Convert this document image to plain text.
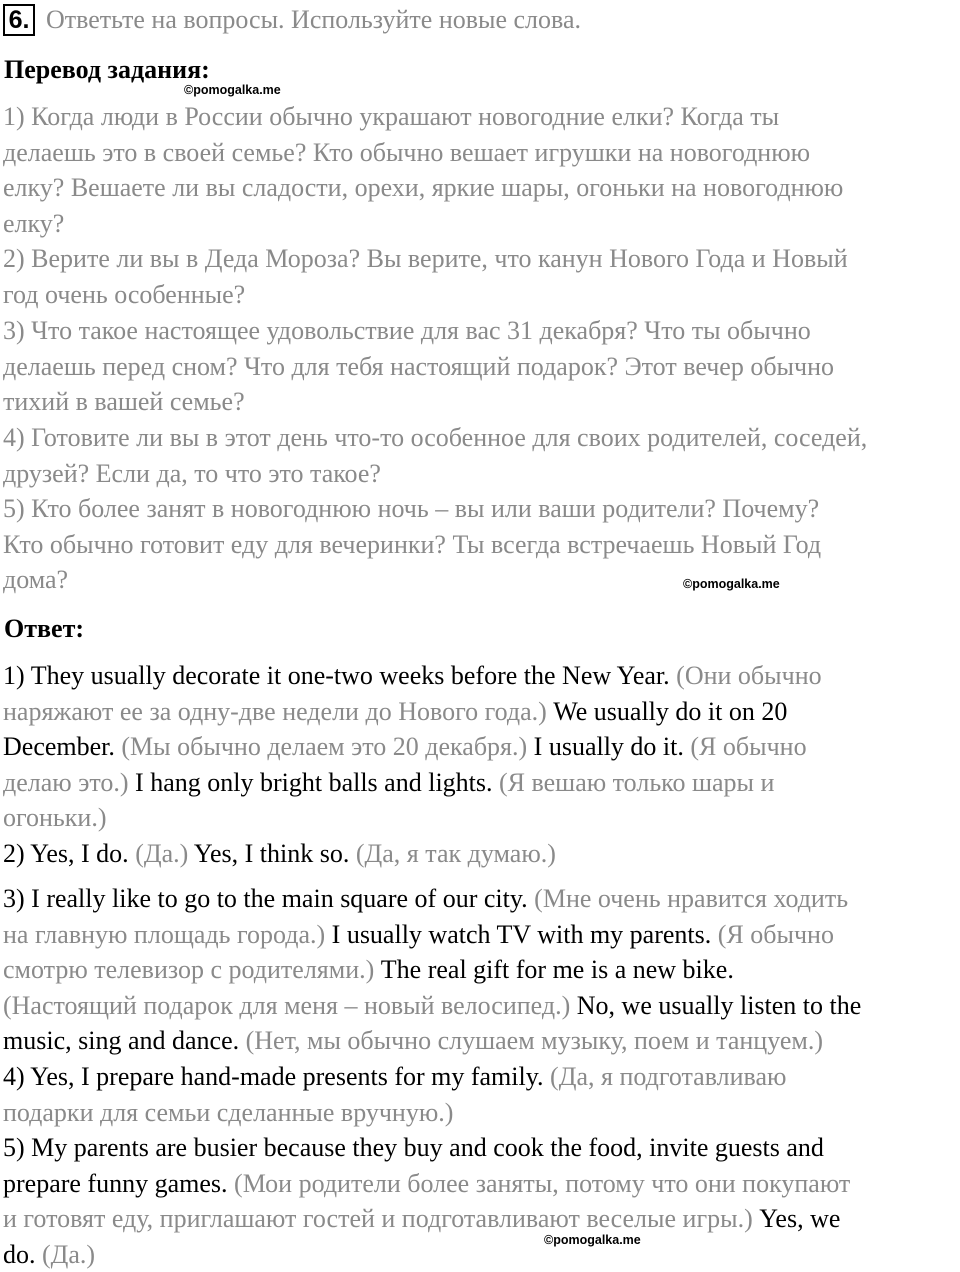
6. Ответьте на вопросы. Используйте новые слова.
Перевод задания:
©pomogalka.me
1) Когда люди в России обычно украшают новогодние елки? Когда ты
делаешь это в своей семье? Кто обычно вешает игрушки на новогоднюю
елку? Вешаете ли вы сладости, орехи, яркие шары, огоньки на новогоднюю
елку?
2) Верите ли вы в Деда Мороза? Вы верите, что канун Нового Года и Новый
год очень особенные?
3) Что такое настоящее удовольствие для вас 31 декабря? Что ты обычно
делаешь перед сном? Что для тебя настоящий подарок? Этот вечер обычно
тихий в вашей семье?
4) Готовите ли вы в этот день что-то особенное для своих родителей, соседей,
друзей? Если да, то что это такое?
5) Кто более занят в новогоднюю ночь – вы или ваши родители? Почему?
Кто обычно готовит еду для вечеринки? Ты всегда встречаешь Новый Год
дома?	©pomogalka.me
Ответ:
1) They usually decorate it one-two weeks before the New Year. (Они обычно
наряжают ее за одну-две недели до Нового года.) We usually do it on 20
December. (Мы обычно делаем это 20 декабря.) I usually do it. (Я обычно
делаю это.) I hang only bright balls and lights. (Я вешаю только шары и
огоньки.)
2) Yes, I do. (Да.) Yes, I think so. (Да, я так думаю.)
3) I really like to go to the main square of our city. (Мне очень нравится ходить
на главную площадь города.) I usually watch TV with my parents. (Я обычно
смотрю телевизор с родителями.) The real gift for me is a new bike.
(Настоящий подарок для меня – новый велосипед.) No, we usually listen to the
music, sing and dance. (Нет, мы обычно слушаем музыку, поем и танцуем.)
4) Yes, I prepare hand-made presents for my family. (Да, я подготавливаю
подарки для семьи сделанные вручную.)
5) My parents are busier because they buy and cook the food, invite guests and
prepare funny games. (Мои родители более заняты, потому что они покупают
и готовят еду, приглашают гостей и подготавливают веселые игры.) Yes, we
do. (Да.)	©pomogalka.me
